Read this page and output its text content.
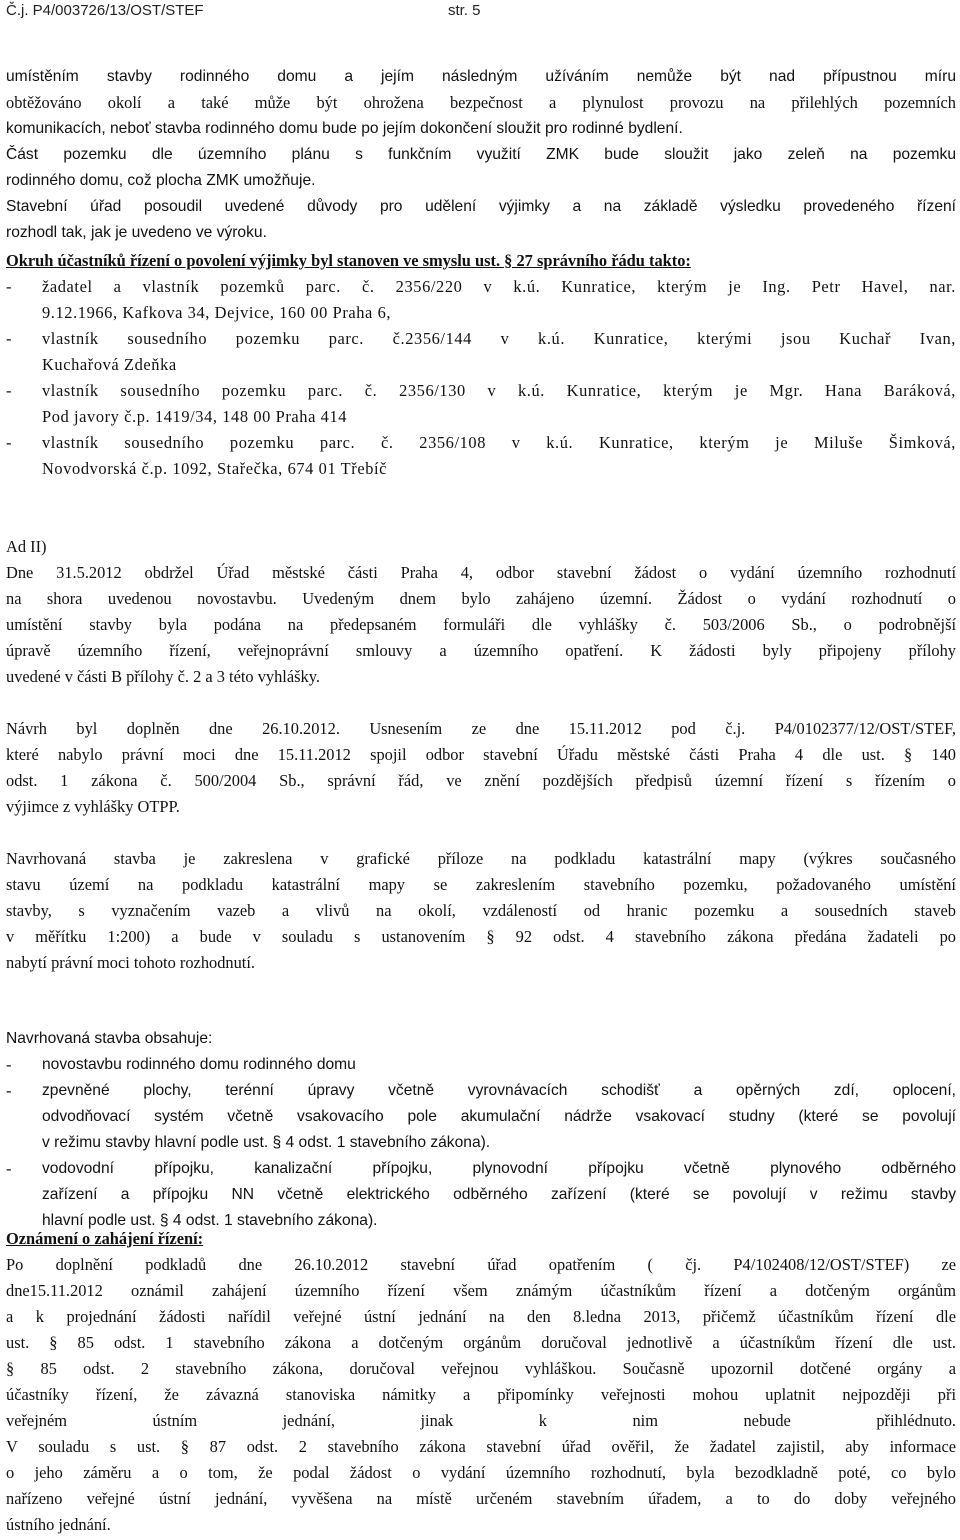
Č.j. P4/003726/13/OST/STEF	str. 5

umístěním stavby rodinného domu a jejím následným užíváním nemůže být nad přípustnou míru

obtěžováno okolí a také může být ohrožena bezpečnost a plynulost provozu na přilehlých pozemních

komunikacích, neboť stavba rodinného domu bude po jejím dokončení sloužit pro rodinné bydlení.

Část pozemku dle územního plánu s funkčním využití ZMK bude sloužit jako zeleň na pozemku

rodinného domu, což plocha ZMK umožňuje.

Stavební úřad posoudil uvedené důvody pro udělení výjimky a na základě výsledku provedeného řízení

rozhodl tak, jak je uvedeno ve výroku.

Okruh účastníků řízení o povolení výjimky byl stanoven ve smyslu ust. § 27 správního řádu takto:

-	žadatel a vlastník pozemků parc. č. 2356/220 v k.ú. Kunratice, kterým je Ing. Petr Havel, nar.
9.12.1966, Kafkova 34, Dejvice, 160 00 Praha 6,
-	vlastník sousedního pozemku parc. č.2356/144 v k.ú. Kunratice, kterými jsou Kuchař Ivan,
Kuchařová Zdeňka
-	vlastník sousedního pozemku parc. č. 2356/130 v k.ú. Kunratice, kterým je Mgr. Hana Baráková,
Pod javory č.p. 1419/34, 148 00 Praha 414
-	vlastník sousedního pozemku parc. č. 2356/108 v k.ú. Kunratice, kterým je Miluše Šimková,
Novodvorská č.p. 1092, Stařečka, 674 01 Třebíč

Ad II)

Dne 31.5.2012 obdržel Úřad městské části Praha 4, odbor stavební žádost o vydání územního rozhodnutí

na shora uvedenou novostavbu. Uvedeným dnem bylo zahájeno územní. Žádost o vydání rozhodnutí o

umístění stavby byla podána na předepsaném formuláři dle vyhlášky č. 503/2006 Sb., o podrobnější

úpravě územního řízení, veřejnoprávní smlouvy a územního opatření. K žádosti byly připojeny přílohy

uvedené v části B přílohy č. 2 a 3 této vyhlášky.

Návrh byl doplněn dne 26.10.2012. Usnesením ze dne 15.11.2012 pod č.j. P4/0102377/12/OST/STEF,

které nabylo právní moci dne 15.11.2012 spojil odbor stavební Úřadu městské části Praha 4 dle ust. § 140

odst. 1 zákona č. 500/2004 Sb., správní řád, ve znění pozdějších předpisů územní řízení s řízením o

výjimce z vyhlášky OTPP.

Navrhovaná stavba je zakreslena v grafické příloze na podkladu katastrální mapy (výkres současného

stavu území na podkladu katastrální mapy se zakreslením stavebního pozemku, požadovaného umístění

stavby, s vyznačením vazeb a vlivů na okolí, vzdáleností od hranic pozemku a sousedních staveb

v měřítku 1:200) a bude v souladu s ustanovením § 92 odst. 4 stavebního zákona předána žadateli po

nabytí právní moci tohoto rozhodnutí.

Navrhovaná stavba obsahuje:

-	novostavbu rodinného domu rodinného domu
-	zpevněné plochy, terénní úpravy včetně vyrovnávacích schodišť a opěrných zdí, oplocení,
odvodňovací systém včetně vsakovacího pole akumulační nádrže vsakovací studny (které se povolují
v režimu stavby hlavní podle ust. § 4 odst. 1 stavebního zákona).
-	vodovodní přípojku, kanalizační přípojku, plynovodní přípojku včetně plynového odběrného
zařízení a přípojku NN včetně elektrického odběrného zařízení (které se povolují v režimu stavby
hlavní podle ust. § 4 odst. 1 stavebního zákona).

Oznámení o zahájení řízení:

Po doplnění podkladů dne 26.10.2012 stavební úřad opatřením ( čj. P4/102408/12/OST/STEF) ze

dne15.11.2012 oznámil zahájení územního řízení všem známým účastníkům řízení a dotčeným orgánům

a k projednání žádosti nařídil veřejné ústní jednání na den 8.ledna 2013, přičemž účastníkům řízení dle

ust. § 85 odst. 1 stavebního zákona a dotčeným orgánům doručoval jednotlivě a účastníkům řízení dle ust.

§ 85 odst. 2 stavebního zákona, doručoval veřejnou vyhláškou. Současně upozornil dotčené orgány a

účastníky řízení, že závazná stanoviska námitky a připomínky veřejnosti mohou uplatnit nejpozději při

veřejném ústním jednání, jinak k nim nebude přihlédnuto.

V souladu s ust. § 87 odst. 2 stavebního zákona stavební úřad ověřil, že žadatel zajistil, aby informace

o jeho záměru a o tom, že podal žádost o vydání územního rozhodnutí, byla bezodkladně poté, co bylo

nařízeno veřejné ústní jednání, vyvěšena na místě určeném stavebním úřadem, a to do doby veřejného

ústního jednání.
